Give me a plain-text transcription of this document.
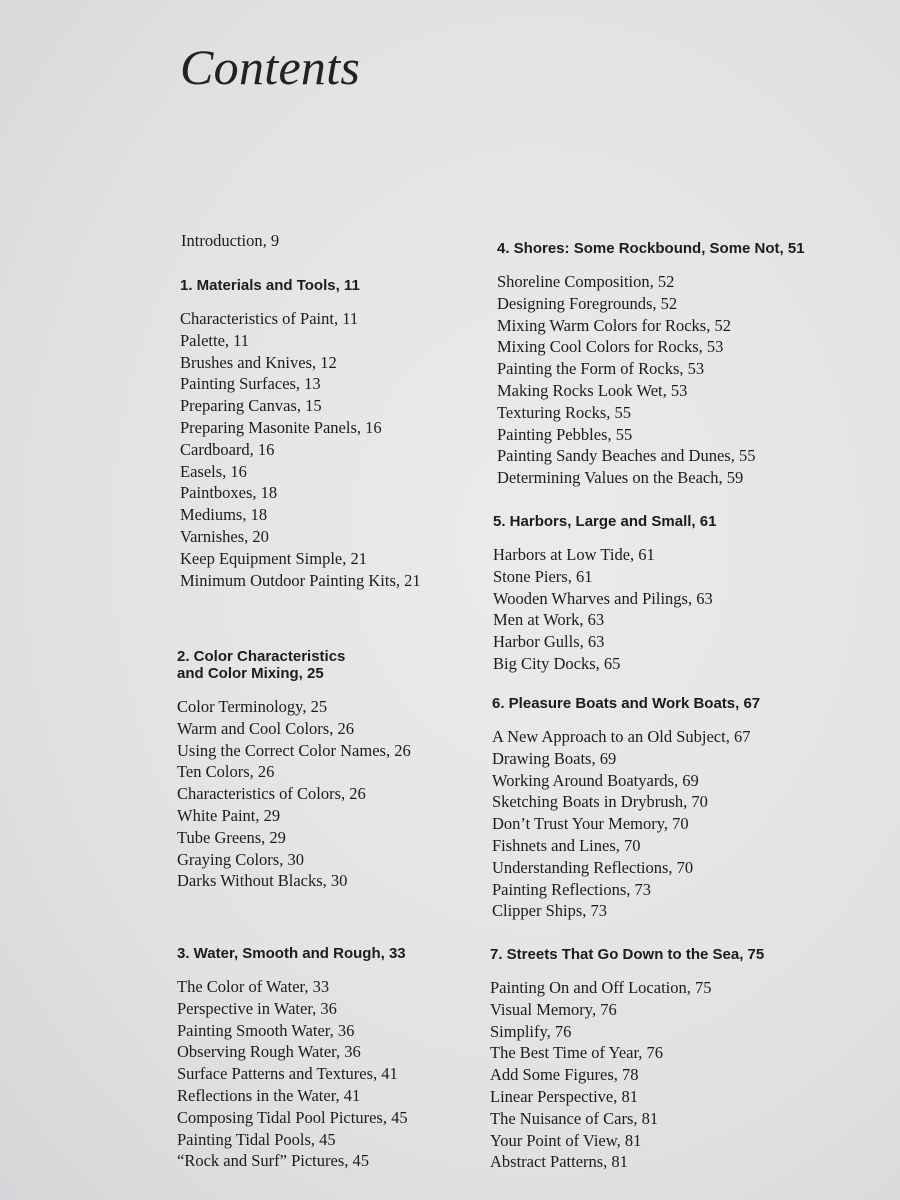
Contents
Introduction, 9
1. Materials and Tools, 11
Characteristics of Paint, 11
Palette, 11
Brushes and Knives, 12
Painting Surfaces, 13
Preparing Canvas, 15
Preparing Masonite Panels, 16
Cardboard, 16
Easels, 16
Paintboxes, 18
Mediums, 18
Varnishes, 20
Keep Equipment Simple, 21
Minimum Outdoor Painting Kits, 21
2. Color Characteristics
and Color Mixing, 25
Color Terminology, 25
Warm and Cool Colors, 26
Using the Correct Color Names, 26
Ten Colors, 26
Characteristics of Colors, 26
White Paint, 29
Tube Greens, 29
Graying Colors, 30
Darks Without Blacks, 30
3. Water, Smooth and Rough, 33
The Color of Water, 33
Perspective in Water, 36
Painting Smooth Water, 36
Observing Rough Water, 36
Surface Patterns and Textures, 41
Reflections in the Water, 41
Composing Tidal Pool Pictures, 45
Painting Tidal Pools, 45
“Rock and Surf” Pictures, 45
4. Shores: Some Rockbound, Some Not, 51
Shoreline Composition, 52
Designing Foregrounds, 52
Mixing Warm Colors for Rocks, 52
Mixing Cool Colors for Rocks, 53
Painting the Form of Rocks, 53
Making Rocks Look Wet, 53
Texturing Rocks, 55
Painting Pebbles, 55
Painting Sandy Beaches and Dunes, 55
Determining Values on the Beach, 59
5. Harbors, Large and Small, 61
Harbors at Low Tide, 61
Stone Piers, 61
Wooden Wharves and Pilings, 63
Men at Work, 63
Harbor Gulls, 63
Big City Docks, 65
6. Pleasure Boats and Work Boats, 67
A New Approach to an Old Subject, 67
Drawing Boats, 69
Working Around Boatyards, 69
Sketching Boats in Drybrush, 70
Don’t Trust Your Memory, 70
Fishnets and Lines, 70
Understanding Reflections, 70
Painting Reflections, 73
Clipper Ships, 73
7. Streets That Go Down to the Sea, 75
Painting On and Off Location, 75
Visual Memory, 76
Simplify, 76
The Best Time of Year, 76
Add Some Figures, 78
Linear Perspective, 81
The Nuisance of Cars, 81
Your Point of View, 81
Abstract Patterns, 81
